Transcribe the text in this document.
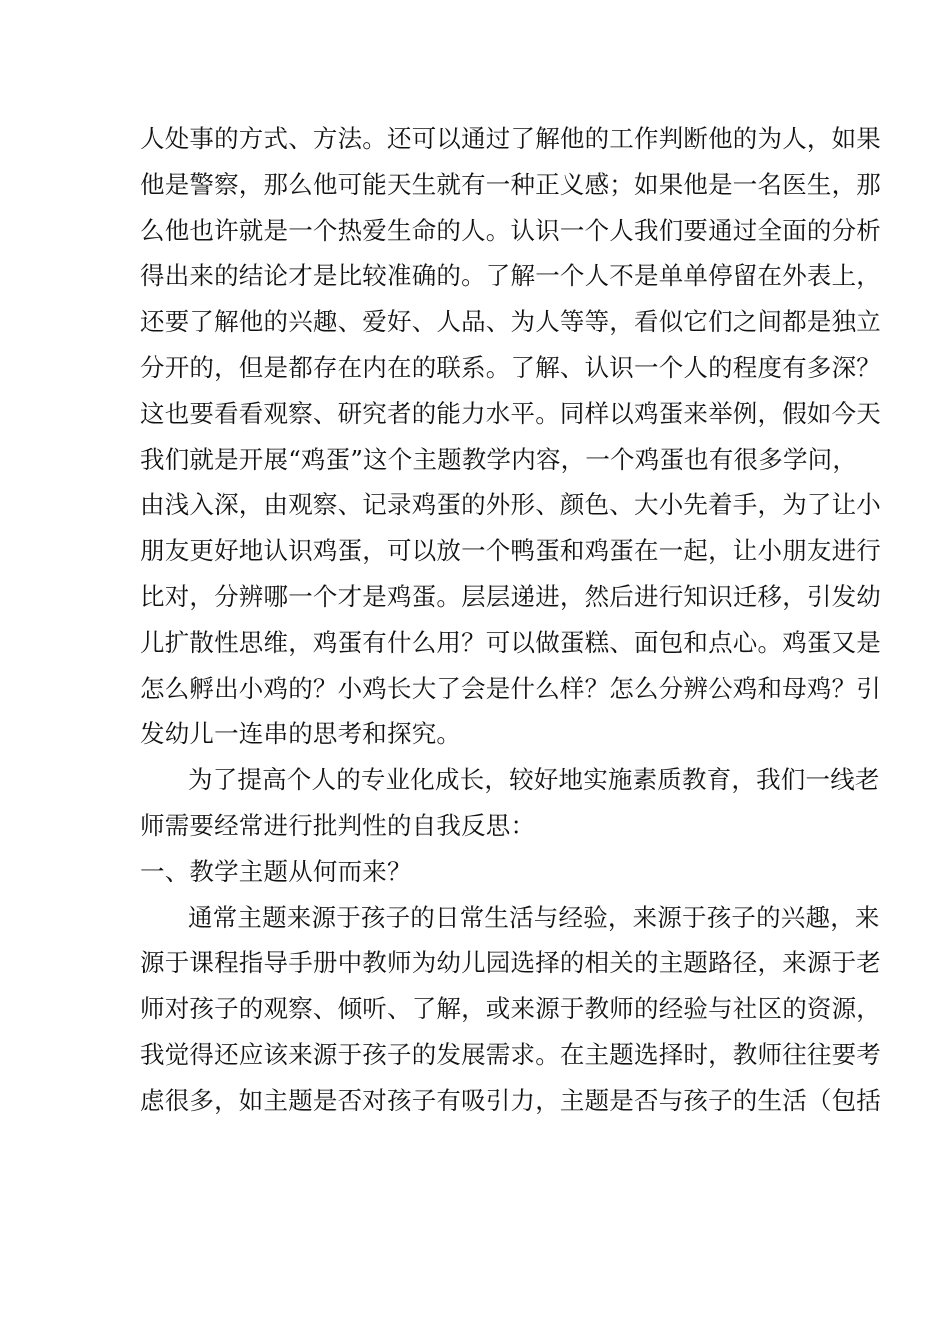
人处事的方式、方法。还可以通过了解他的工作判断他的为人，如果
他是警察，那么他可能天生就有一种正义感；如果他是一名医生，那
么他也许就是一个热爱生命的人。认识一个人我们要通过全面的分析
得出来的结论才是比较准确的。了解一个人不是单单停留在外表上，
还要了解他的兴趣、爱好、人品、为人等等，看似它们之间都是独立
分开的，但是都存在内在的联系。了解、认识一个人的程度有多深？
这也要看看观察、研究者的能力水平。同样以鸡蛋来举例，假如今天
我们就是开展“鸡蛋”这个主题教学内容，一个鸡蛋也有很多学问，
由浅入深，由观察、记录鸡蛋的外形、颜色、大小先着手，为了让小
朋友更好地认识鸡蛋，可以放一个鸭蛋和鸡蛋在一起，让小朋友进行
比对，分辨哪一个才是鸡蛋。层层递进，然后进行知识迁移，引发幼
儿扩散性思维，鸡蛋有什么用？可以做蛋糕、面包和点心。鸡蛋又是
怎么孵出小鸡的？小鸡长大了会是什么样？怎么分辨公鸡和母鸡？引
发幼儿一连串的思考和探究。
为了提高个人的专业化成长，较好地实施素质教育，我们一线老
师需要经常进行批判性的自我反思：
一、教学主题从何而来？
通常主题来源于孩子的日常生活与经验，来源于孩子的兴趣，来
源于课程指导手册中教师为幼儿园选择的相关的主题路径，来源于老
师对孩子的观察、倾听、了解，或来源于教师的经验与社区的资源，
我觉得还应该来源于孩子的发展需求。在主题选择时，教师往往要考
虑很多，如主题是否对孩子有吸引力，主题是否与孩子的生活（包括
